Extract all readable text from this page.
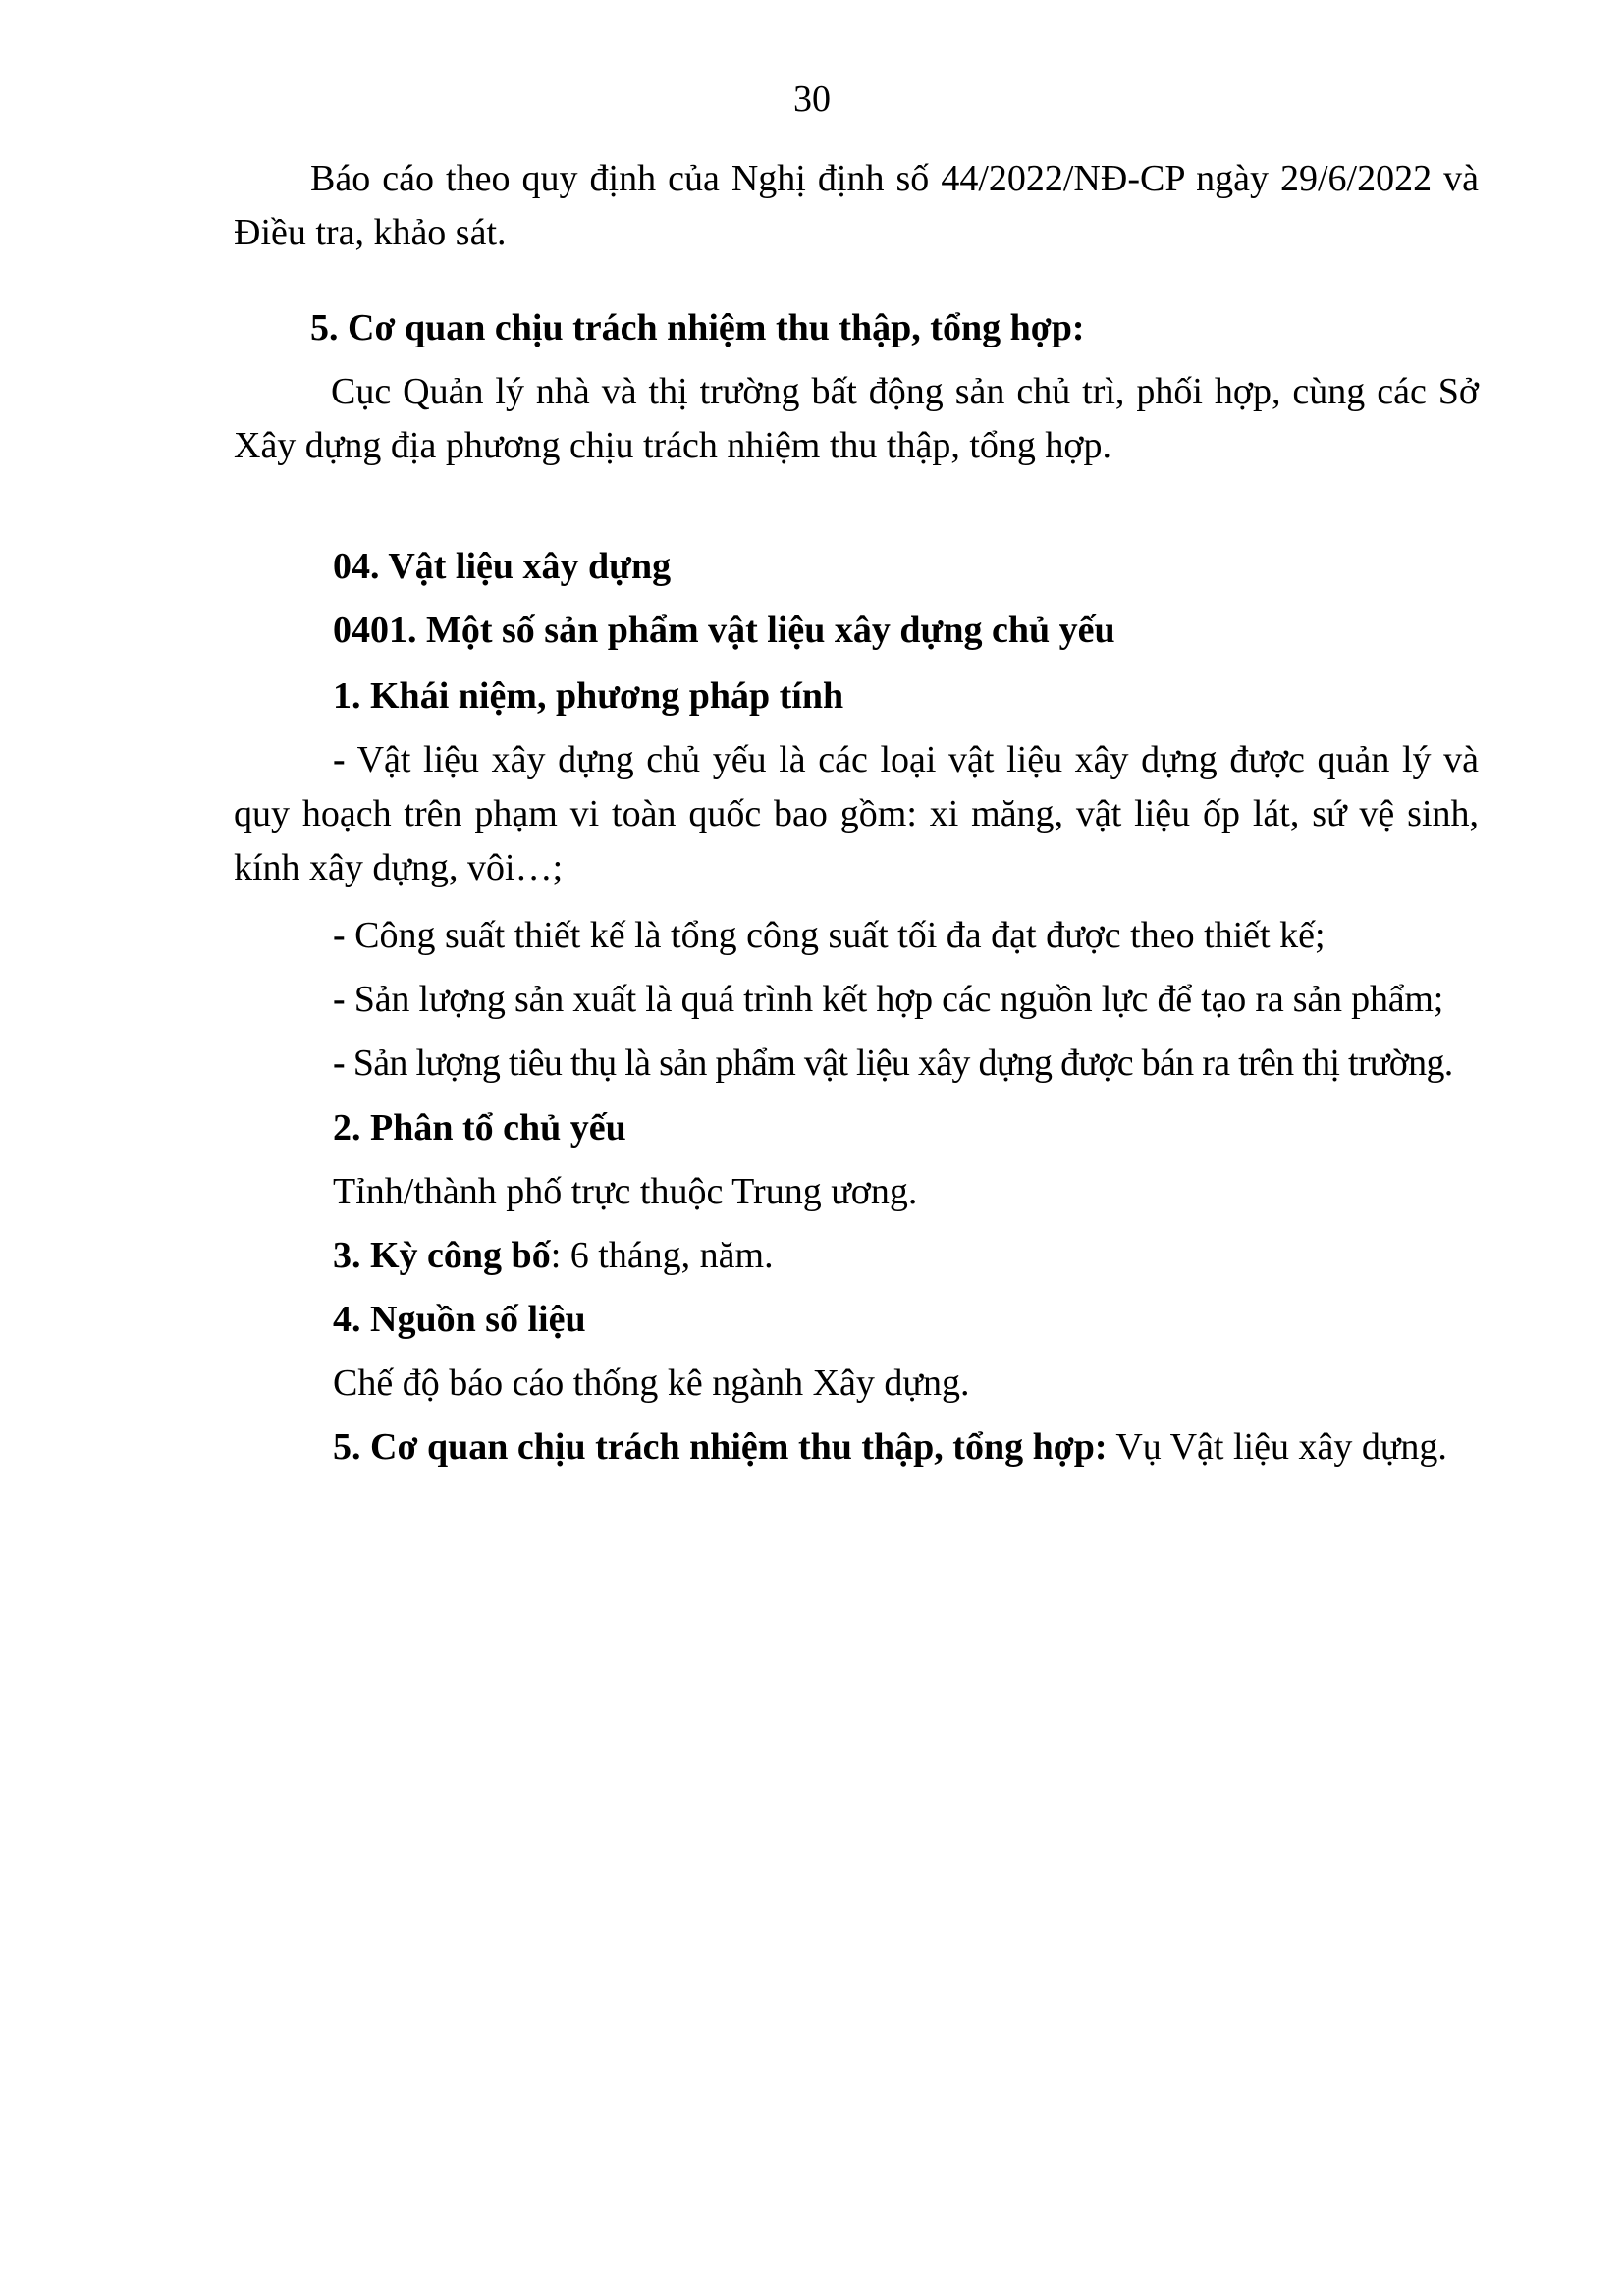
30

Báo cáo theo quy định của Nghị định số 44/2022/NĐ-CP ngày 29/6/2022 và Điều tra, khảo sát.

5. Cơ quan chịu trách nhiệm thu thập, tổng hợp:

Cục Quản lý nhà và thị trường bất động sản chủ trì, phối hợp, cùng các Sở Xây dựng địa phương chịu trách nhiệm thu thập, tổng hợp.

04. Vật liệu xây dựng

0401. Một số sản phẩm vật liệu xây dựng chủ yếu

1. Khái niệm, phương pháp tính

- Vật liệu xây dựng chủ yếu là các loại vật liệu xây dựng được quản lý và quy hoạch trên phạm vi toàn quốc bao gồm: xi măng, vật liệu ốp lát, sứ vệ sinh, kính xây dựng, vôi…;

- Công suất thiết kế là tổng công suất tối đa đạt được theo thiết kế;

- Sản lượng sản xuất là quá trình kết hợp các nguồn lực để tạo ra sản phẩm;

- Sản lượng tiêu thụ là sản phẩm vật liệu xây dựng được bán ra trên thị trường.

2. Phân tổ chủ yếu

Tỉnh/thành phố trực thuộc Trung ương.

3. Kỳ công bố: 6 tháng, năm.

4. Nguồn số liệu

Chế độ báo cáo thống kê ngành Xây dựng.

5. Cơ quan chịu trách nhiệm thu thập, tổng hợp: Vụ Vật liệu xây dựng.
